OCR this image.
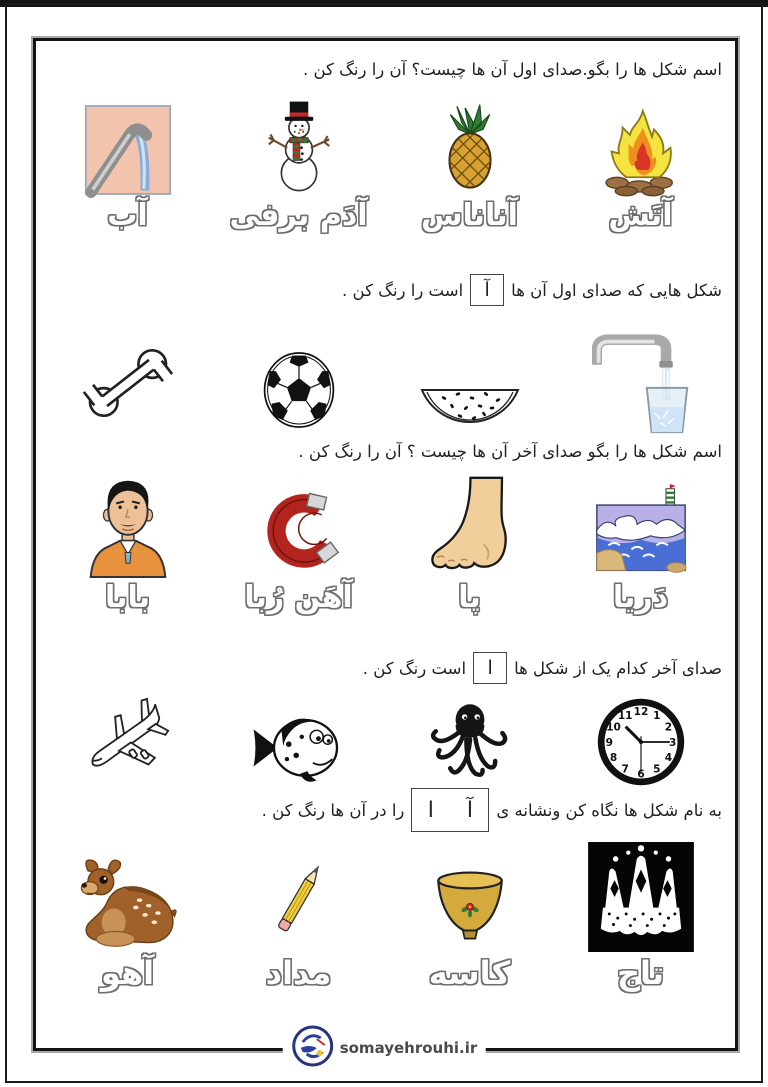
اسم شکل ها را بگو.صدای اول آن ها چیست؟ آن را رنگ کن .
آتَش
آناناس
آدَم برفی
آب
شکل هایی که صدای اول آن ها
آ
است را رنگ کن .
اسم شکل ها را بگو صدای آخر آن ها چیست ؟ آن را رنگ کن .
دَریا
پا
آهَن رُبا
بابا
صدای آخر کدام یک از شکل ها
ا
است رنگ کن .
12 1
2
3
4
5
6
7
8
9
10
11
به نام شکل ها نگاه کن ونشانه ی
آ ا
را در آن ها رنگ کن .
تاج
کاسه
مداد
آهو
somayehrouhi.ir
